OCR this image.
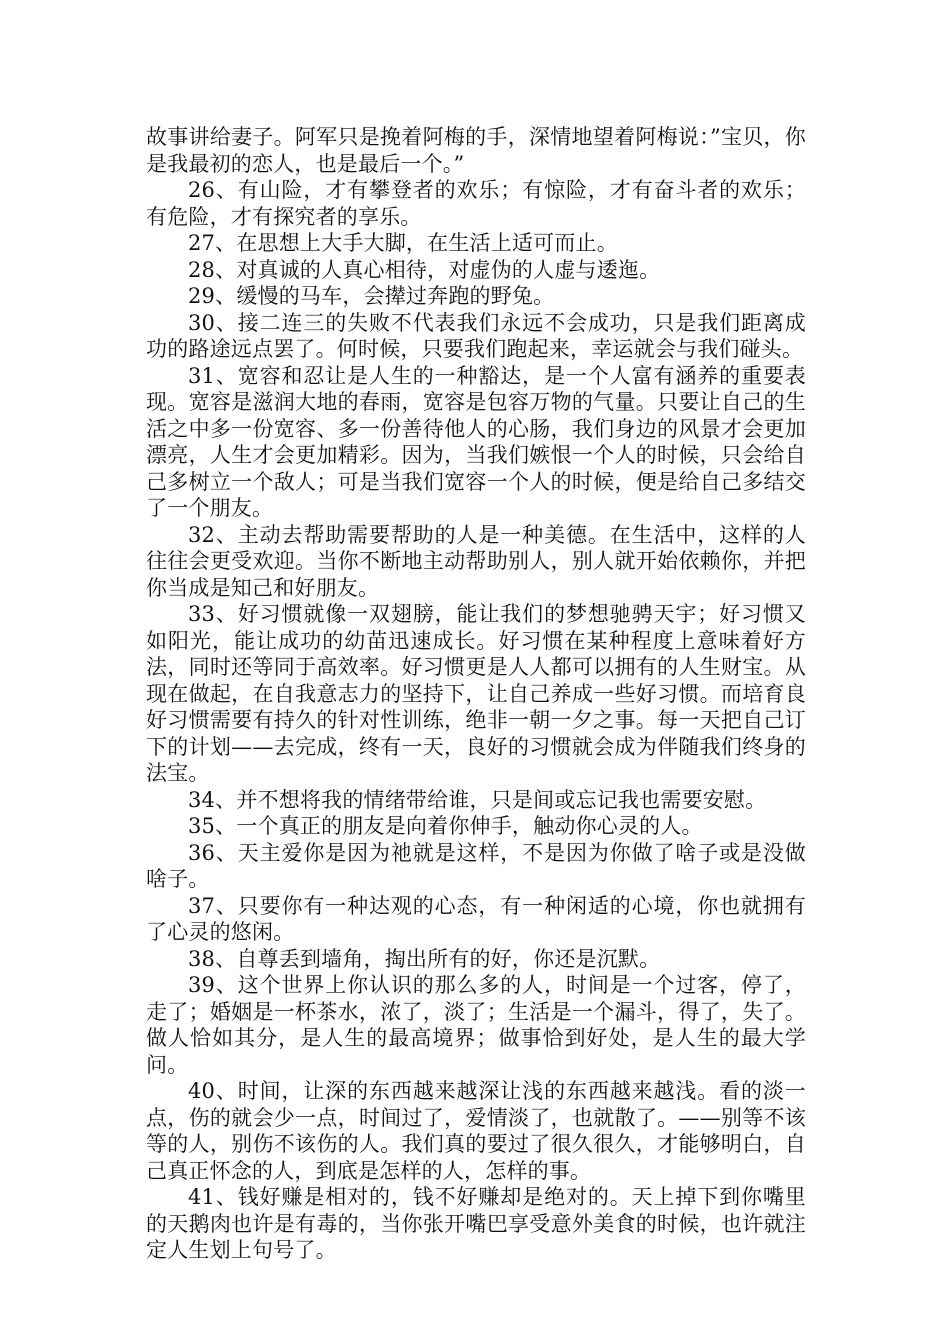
故事讲给妻子。阿军只是挽着阿梅的手，深情地望着阿梅说：”宝贝，你是我最初的恋人，也是最后一个。”

26、有山险，才有攀登者的欢乐；有惊险，才有奋斗者的欢乐；有危险，才有探究者的享乐。

27、在思想上大手大脚，在生活上适可而止。

28、对真诚的人真心相待，对虚伪的人虚与逶迤。

29、缓慢的马车，会撵过奔跑的野兔。

30、接二连三的失败不代表我们永远不会成功，只是我们距离成功的路途远点罢了。何时候，只要我们跑起来，幸运就会与我们碰头。

31、宽容和忍让是人生的一种豁达，是一个人富有涵养的重要表现。宽容是滋润大地的春雨，宽容是包容万物的气量。只要让自己的生活之中多一份宽容、多一份善待他人的心肠，我们身边的风景才会更加漂亮，人生才会更加精彩。因为，当我们嫉恨一个人的时候，只会给自己多树立一个敌人；可是当我们宽容一个人的时候，便是给自己多结交了一个朋友。

32、主动去帮助需要帮助的人是一种美德。在生活中，这样的人往往会更受欢迎。当你不断地主动帮助别人，别人就开始依赖你，并把你当成是知己和好朋友。

33、好习惯就像一双翅膀，能让我们的梦想驰骋天宇；好习惯又如阳光，能让成功的幼苗迅速成长。好习惯在某种程度上意味着好方法，同时还等同于高效率。好习惯更是人人都可以拥有的人生财宝。从现在做起，在自我意志力的坚持下，让自己养成一些好习惯。而培育良好习惯需要有持久的针对性训练，绝非一朝一夕之事。每一天把自己订下的计划——去完成，终有一天，良好的习惯就会成为伴随我们终身的法宝。

34、并不想将我的情绪带给谁，只是间或忘记我也需要安慰。

35、一个真正的朋友是向着你伸手，触动你心灵的人。

36、天主爱你是因为祂就是这样，不是因为你做了啥子或是没做啥子。

37、只要你有一种达观的心态，有一种闲适的心境，你也就拥有了心灵的悠闲。

38、自尊丢到墙角，掏出所有的好，你还是沉默。

39、这个世界上你认识的那么多的人，时间是一个过客，停了，走了；婚姻是一杯茶水，浓了，淡了；生活是一个漏斗，得了，失了。做人恰如其分，是人生的最高境界；做事恰到好处，是人生的最大学问。

40、时间，让深的东西越来越深让浅的东西越来越浅。看的淡一点，伤的就会少一点，时间过了，爱情淡了，也就散了。——别等不该等的人，别伤不该伤的人。我们真的要过了很久很久，才能够明白，自己真正怀念的人，到底是怎样的人，怎样的事。

41、钱好赚是相对的，钱不好赚却是绝对的。天上掉下到你嘴里的天鹅肉也许是有毒的，当你张开嘴巴享受意外美食的时候，也许就注定人生划上句号了。
